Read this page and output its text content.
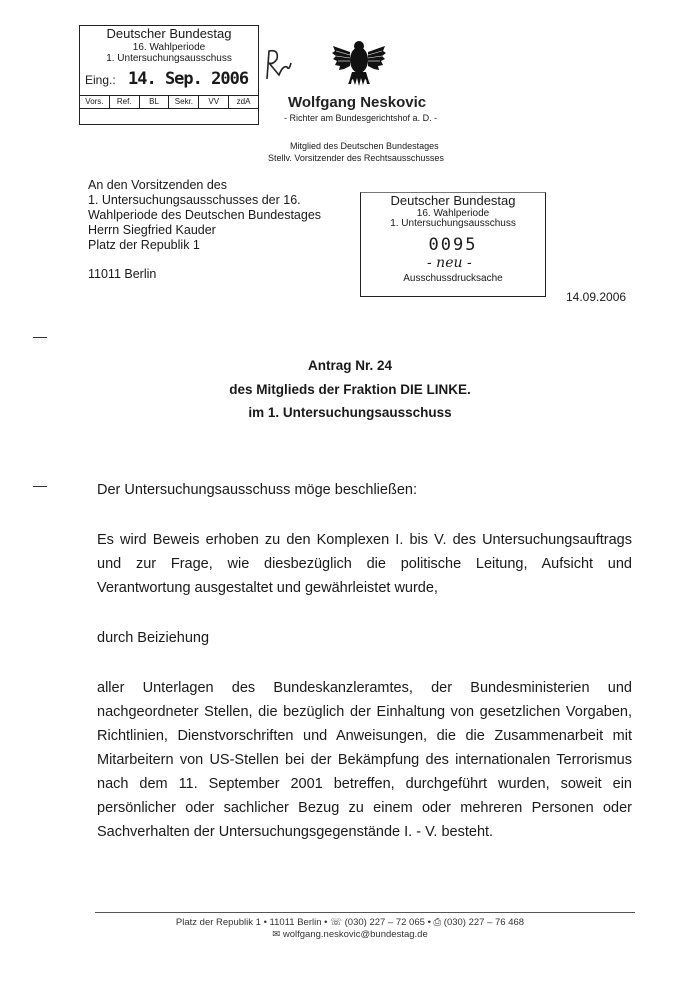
Deutscher Bundestag
16. Wahlperiode
1. Untersuchungsausschuss
Eing.: 14. Sep. 2006
Vors.	Ref.	BL	Sekr.	VV	zdA	Wolfgang Neskovic
- Richter am Bundesgerichtshof a. D. -
Mitglied des Deutschen Bundestages
Stellv. Vorsitzender des Rechtsausschusses
An den Vorsitzenden des
1. Untersuchungsausschusses der 16.
Wahlperiode des Deutschen Bundestages
Herrn Siegfried Kauder
Platz der Republik 1
11011 Berlin
Deutscher Bundestag
16. Wahlperiode
1. Untersuchungsausschuss
0095
- neu -
Ausschussdrucksache
14.09.2006
Antrag Nr. 24
des Mitglieds der Fraktion DIE LINKE.
im 1. Untersuchungsausschuss
Der Untersuchungsausschuss möge beschließen:
Es wird Beweis erhoben zu den Komplexen I. bis V. des Untersuchungsauftrags und zur Frage, wie diesbezüglich die politische Leitung, Aufsicht und Verantwortung ausgestaltet und gewährleistet wurde,
durch Beiziehung
aller Unterlagen des Bundeskanzleramtes, der Bundesministerien und nachgeordneter Stellen, die bezüglich der Einhaltung von gesetzlichen Vorgaben, Richtlinien, Dienstvorschriften und Anweisungen, die die Zusammenarbeit mit Mitarbeitern von US-Stellen bei der Bekämpfung des internationalen Terrorismus nach dem 11. September 2001 betreffen, durchgeführt wurden, soweit ein persönlicher oder sachlicher Bezug zu einem oder mehreren Personen oder Sachverhalten der Untersuchungsgegenstände I. - V. besteht.
Platz der Republik 1 • 11011 Berlin • ☏ (030) 227 – 72 065 • ⎙ (030) 227 – 76 468
✉ wolfgang.neskovic@bundestag.de
